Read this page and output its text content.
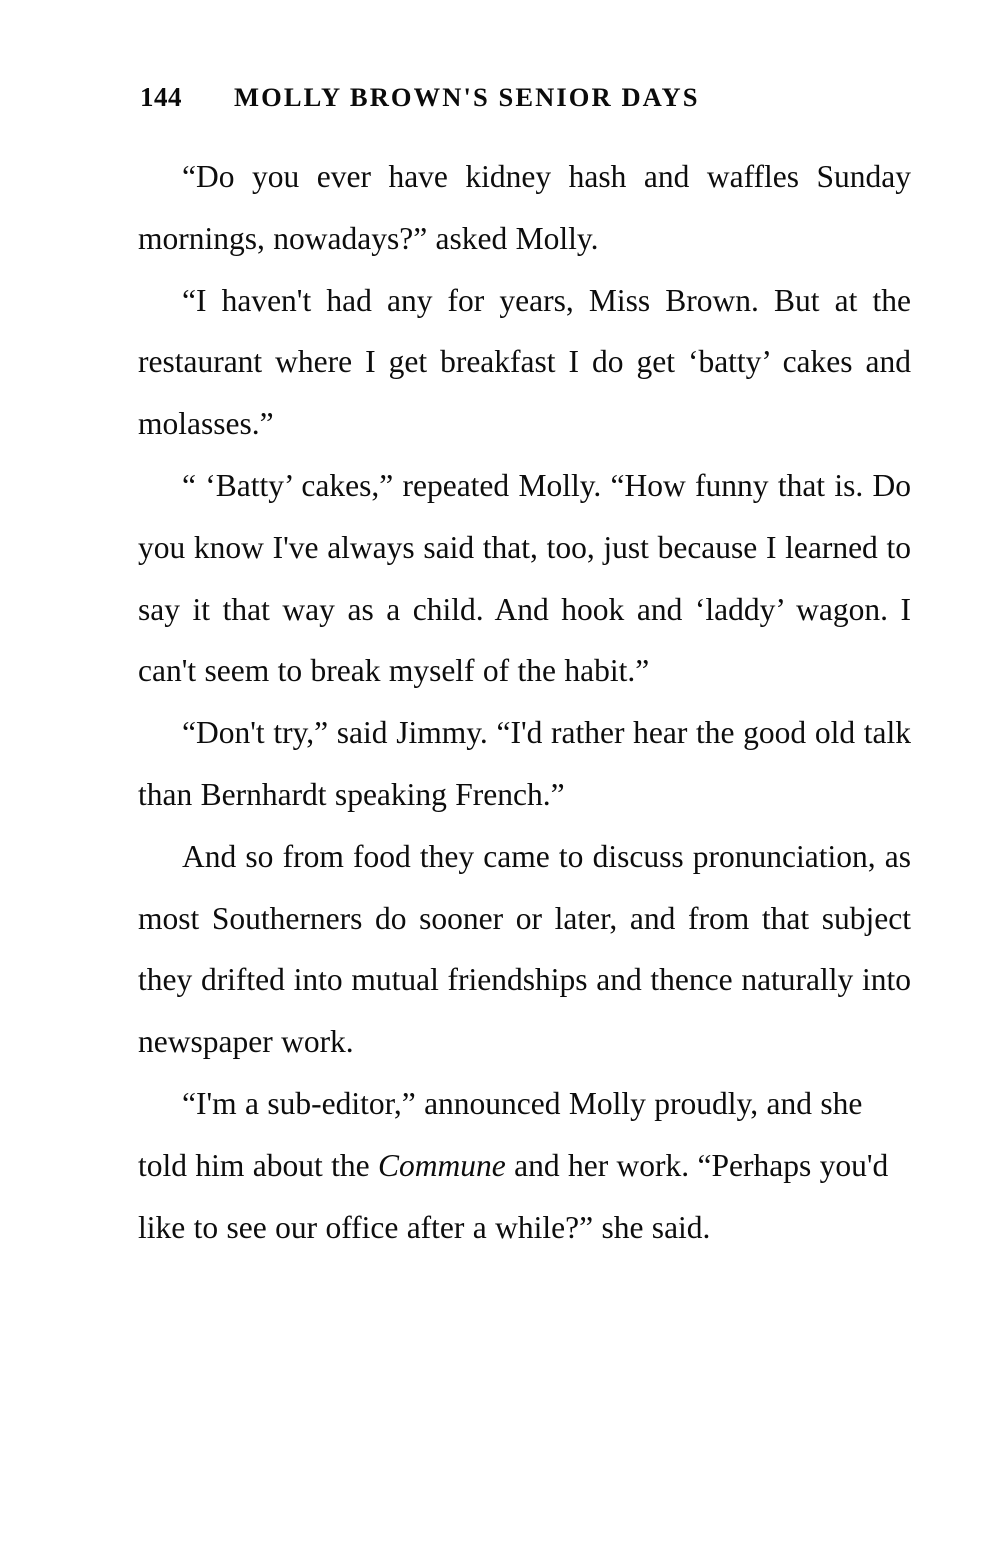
144 MOLLY BROWN'S SENIOR DAYS

“Do you ever have kidney hash and waffles Sunday mornings, nowadays?” asked Molly.

“I haven't had any for years, Miss Brown. But at the restaurant where I get breakfast I do get ‘batty’ cakes and molasses.”

“ ‘Batty’ cakes,” repeated Molly. “How funny that is. Do you know I've always said that, too, just because I learned to say it that way as a child. And hook and ‘laddy’ wagon. I can't seem to break myself of the habit.”

“Don't try,” said Jimmy. “I'd rather hear the good old talk than Bernhardt speaking French.”

And so from food they came to discuss pronunciation, as most Southerners do sooner or later, and from that subject they drifted into mutual friendships and thence naturally into newspaper work.

“I'm a sub-editor,” announced Molly proudly, and she told him about the Commune and her work. “Perhaps you'd like to see our office after a while?” she said.
